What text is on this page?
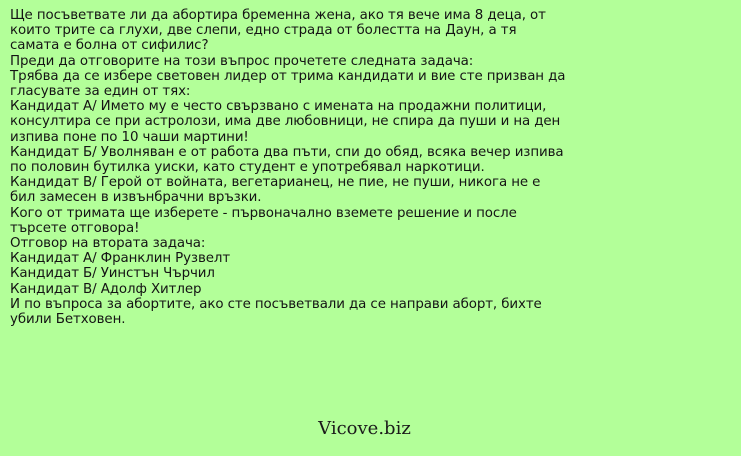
Ще посъветвате ли да абортира бременна жена, ако тя вече има 8 деца, от
които трите са глухи, две слепи, едно страда от болестта на Даун, а тя
самата е болна от сифилис?
Преди да отговорите на този въпрос прочетете следната задача:
Трябва да се избере световен лидер от трима кандидати и вие сте призван да
гласувате за един от тях:
Кандидат А/ Името му е често свързвано с имената на продажни политици,
консултира се при астролози, има две любовници, не спира да пуши и на ден
изпива поне по 10 чаши мартини!
Кандидат Б/ Уволняван е от работа два пъти, спи до обяд, всяка вечер изпива
по половин бутилка уиски, като студент е употребявал наркотици.
Кандидат В/ Герой от войната, вегетарианец, не пие, не пуши, никога не е
бил замесен в извънбрачни връзки.
Кого от тримата ще изберете - първоначално вземете решение и после
търсете отговора!
Отговор на втората задача:
Кандидат А/ Франклин Рузвелт
Кандидат Б/ Уинстън Чърчил
Кандидат В/ Адолф Хитлер
И по въпроса за абортите, ако сте посъветвали да се направи аборт, бихте
убили Бетховен.
Vicove.biz
